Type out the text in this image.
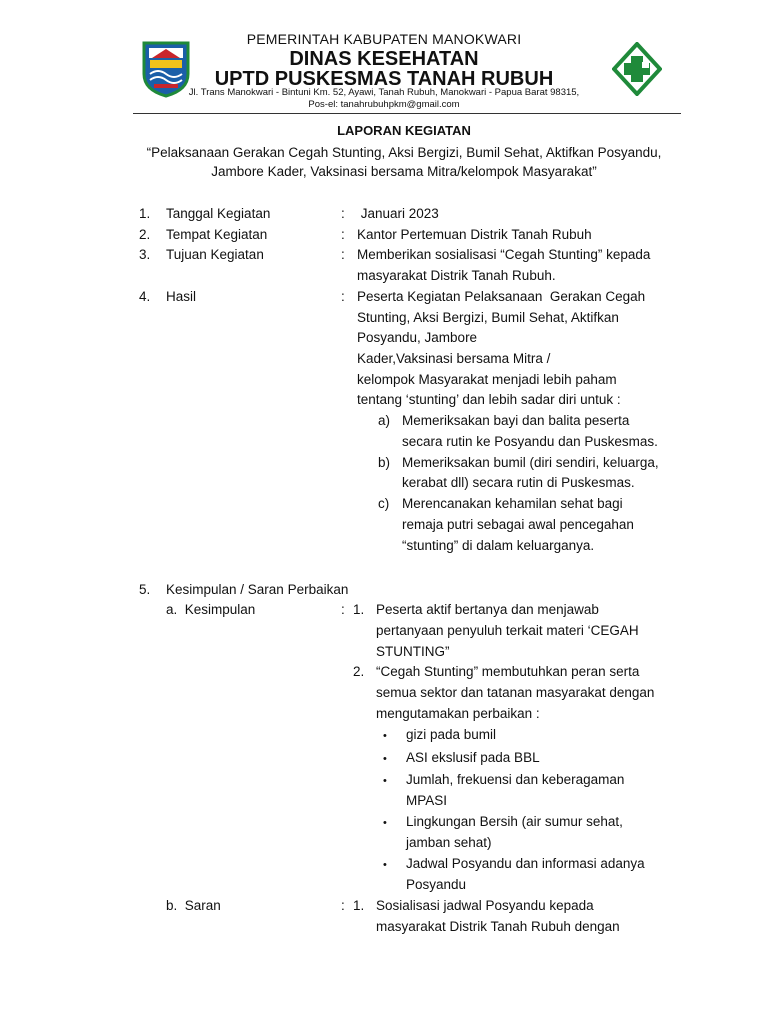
PEMERINTAH KABUPATEN MANOKWARI
DINAS KESEHATAN
UPTD PUSKESMAS TANAH RUBUH
Jl. Trans Manokwari - Bintuni Km. 52, Ayawi, Tanah Rubuh, Manokwari - Papua Barat 98315,
Pos-el: tanahrubuhpkm@gmail.com
LAPORAN KEGIATAN
“Pelaksanaan Gerakan Cegah Stunting, Aksi Bergizi, Bumil Sehat, Aktifkan Posyandu,
Jambore Kader, Vaksinasi bersama Mitra/kelompok Masyarakat”
1. Tanggal Kegiatan	: Januari 2023
2. Tempat Kegiatan	: Kantor Pertemuan Distrik Tanah Rubuh
3. Tujuan Kegiatan	: Memberikan sosialisasi “Cegah Stunting” kepada
masyarakat Distrik Tanah Rubuh.
4. Hasil	: Peserta Kegiatan Pelaksanaan  Gerakan Cegah
Stunting, Aksi Bergizi, Bumil Sehat, Aktifkan
Posyandu, Jambore
Kader,Vaksinasi bersama Mitra /
kelompok Masyarakat menjadi lebih paham
tentang ‘stunting’ dan lebih sadar diri untuk :
a) Memeriksakan bayi dan balita peserta
secara rutin ke Posyandu dan Puskesmas.
b) Memeriksakan bumil (diri sendiri, keluarga,
kerabat dll) secara rutin di Puskesmas.
c) Merencanakan kehamilan sehat bagi
remaja putri sebagai awal pencegahan
“stunting” di dalam keluarganya.
5. Kesimpulan / Saran Perbaikan
a.  Kesimpulan	: 1. Peserta aktif bertanya dan menjawab
pertanyaan penyuluh terkait materi ‘CEGAH
STUNTING”
2. “Cegah Stunting” membutuhkan peran serta
semua sektor dan tatanan masyarakat dengan
mengutamakan perbaikan :
• gizi pada bumil
• ASI ekslusif pada BBL
• Jumlah, frekuensi dan keberagaman
MPASI
• Lingkungan Bersih (air sumur sehat,
jamban sehat)
• Jadwal Posyandu dan informasi adanya
Posyandu
b.  Saran	: 1. Sosialisasi jadwal Posyandu kepada
masyarakat Distrik Tanah Rubuh dengan
